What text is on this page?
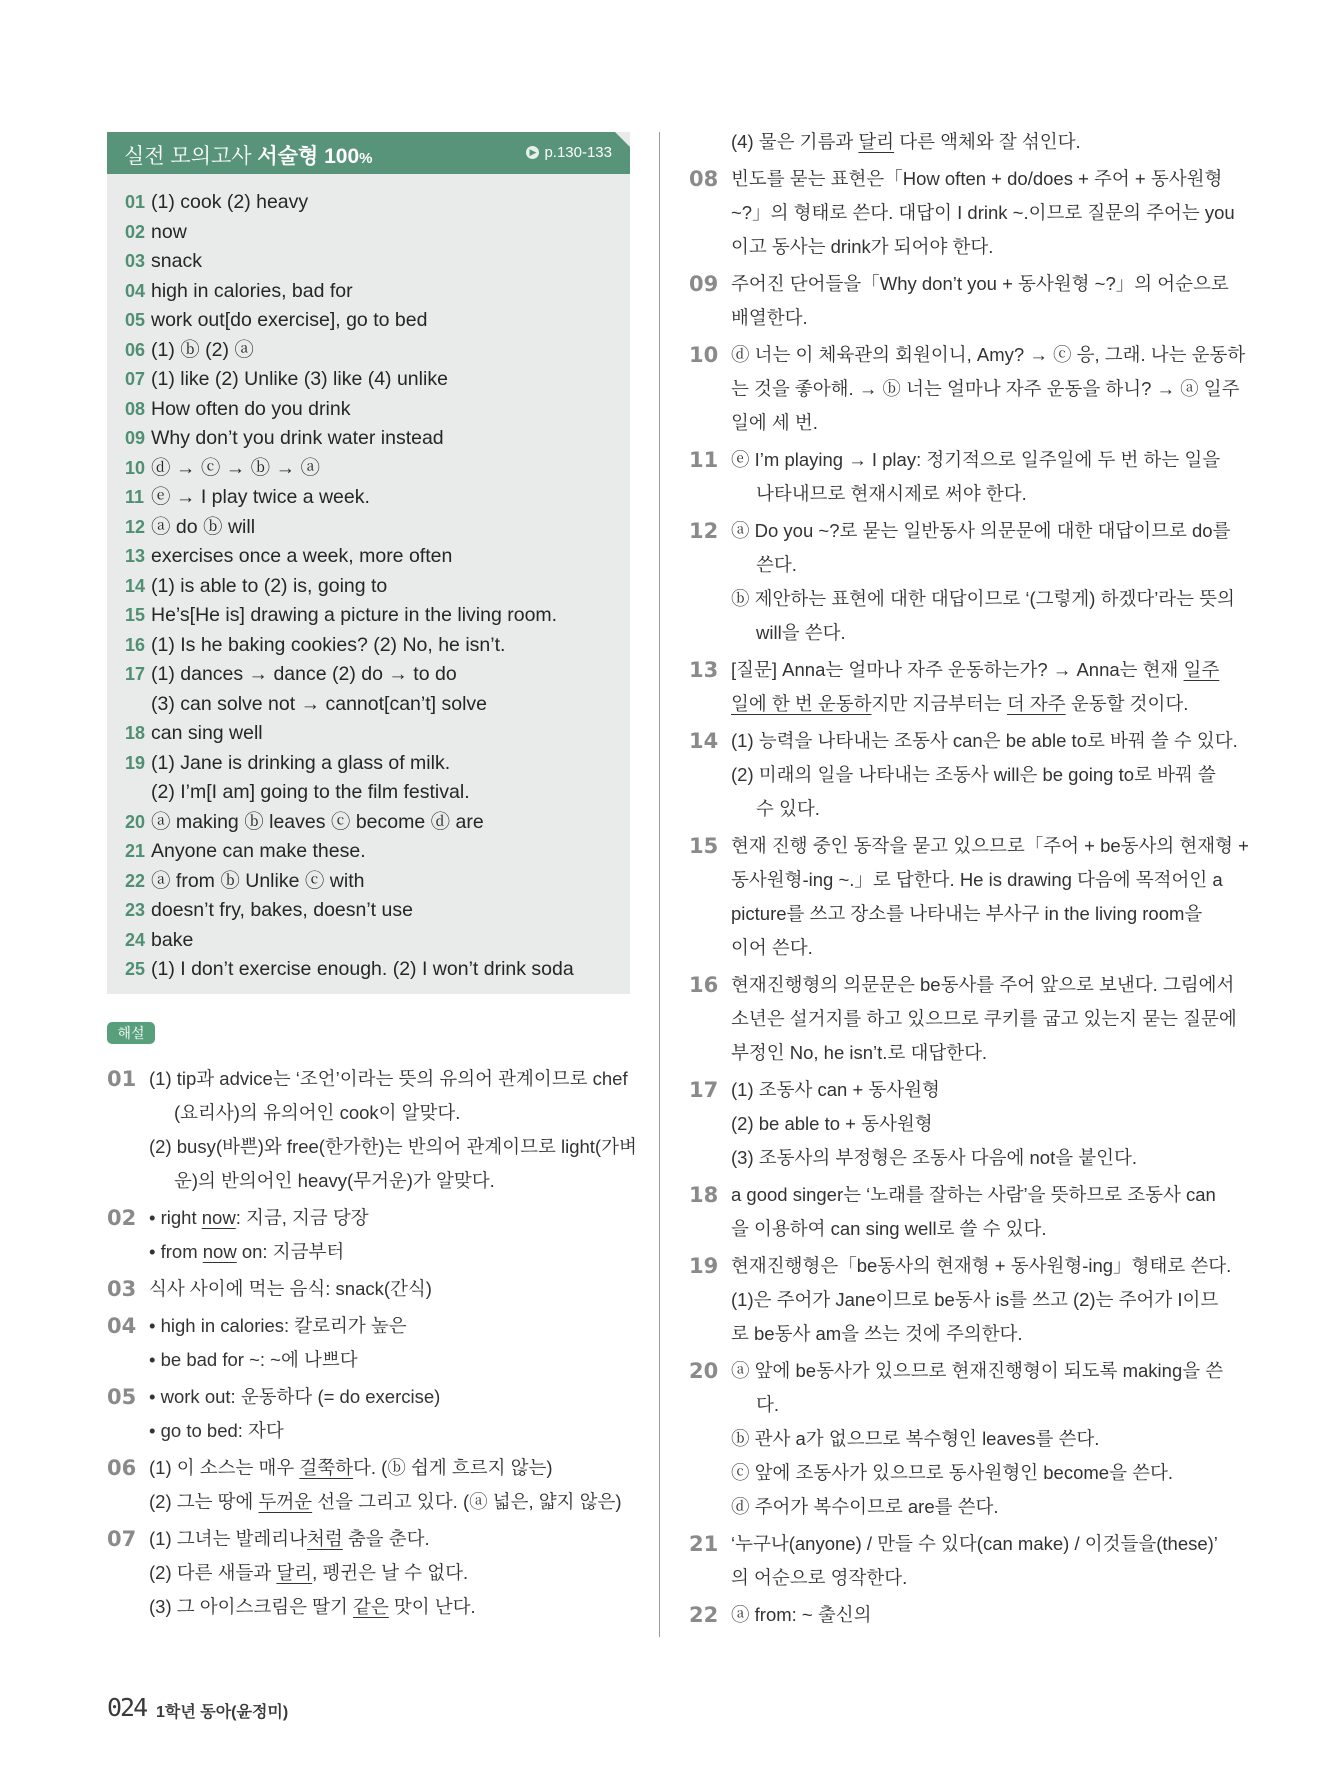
실전 모의고사 서술형 100%	▶ p.130-133
01 (1) cook (2) heavy
02 now
03 snack
04 high in calories, bad for
05 work out[do exercise], go to bed
06 (1) ⓑ (2) ⓐ
07 (1) like (2) Unlike (3) like (4) unlike
08 How often do you drink
09 Why don’t you drink water instead
10 ⓓ → ⓒ → ⓑ → ⓐ
11 ⓔ → I play twice a week.
12 ⓐ do ⓑ will
13 exercises once a week, more often
14 (1) is able to (2) is, going to
15 He’s[He is] drawing a picture in the living room.
16 (1) Is he baking cookies? (2) No, he isn’t.
17 (1) dances → dance (2) do → to do
(3) can solve not → cannot[can’t] solve
18 can sing well
19 (1) Jane is drinking a glass of milk.
(2) I’m[I am] going to the film festival.
20 ⓐ making ⓑ leaves ⓒ become ⓓ are
21 Anyone can make these.
22 ⓐ from ⓑ Unlike ⓒ with
23 doesn’t fry, bakes, doesn’t use
24 bake
25 (1) I don’t exercise enough. (2) I won’t drink soda
해설
01 (1) tip과 advice는 ‘조언’이라는 뜻의 유의어 관계이므로 chef
(요리사)의 유의어인 cook이 알맞다.
(2) busy(바쁜)와 free(한가한)는 반의어 관계이므로 light(가벼
운)의 반의어인 heavy(무거운)가 알맞다.
02 • right now: 지금, 지금 당장
• from now on: 지금부터
03 식사 사이에 먹는 음식: snack(간식)
04 • high in calories: 칼로리가 높은
• be bad for ~: ~에 나쁘다
05 • work out: 운동하다 (= do exercise)
• go to bed: 자다
06 (1) 이 소스는 매우 걸쭉하다. (ⓑ 쉽게 흐르지 않는)
(2) 그는 땅에 두꺼운 선을 그리고 있다. (ⓐ 넓은, 얇지 않은)
07 (1) 그녀는 발레리나처럼 춤을 춘다.
(2) 다른 새들과 달리, 펭귄은 날 수 없다.
(3) 그 아이스크림은 딸기 같은 맛이 난다.
(4) 물은 기름과 달리 다른 액체와 잘 섞인다.
08 빈도를 묻는 표현은「How often + do/does + 주어 + 동사원형
~?」의 형태로 쓴다. 대답이 I drink ~.이므로 질문의 주어는 you
이고 동사는 drink가 되어야 한다.
09 주어진 단어들을「Why don’t you + 동사원형 ~?」의 어순으로
배열한다.
10 ⓓ 너는 이 체육관의 회원이니, Amy? → ⓒ 응, 그래. 나는 운동하
는 것을 좋아해. → ⓑ 너는 얼마나 자주 운동을 하니? → ⓐ 일주
일에 세 번.
11 ⓔ I’m playing → I play: 정기적으로 일주일에 두 번 하는 일을
나타내므로 현재시제로 써야 한다.
12 ⓐ Do you ~?로 묻는 일반동사 의문문에 대한 대답이므로 do를
쓴다.
ⓑ 제안하는 표현에 대한 대답이므로 ‘(그렇게) 하겠다’라는 뜻의
will을 쓴다.
13 [질문] Anna는 얼마나 자주 운동하는가? → Anna는 현재 일주
일에 한 번 운동하지만 지금부터는 더 자주 운동할 것이다.
14 (1) 능력을 나타내는 조동사 can은 be able to로 바꿔 쓸 수 있다.
(2) 미래의 일을 나타내는 조동사 will은 be going to로 바꿔 쓸
수 있다.
15 현재 진행 중인 동작을 묻고 있으므로「주어 + be동사의 현재형 +
동사원형-ing ~.」로 답한다. He is drawing 다음에 목적어인 a
picture를 쓰고 장소를 나타내는 부사구 in the living room을
이어 쓴다.
16 현재진행형의 의문문은 be동사를 주어 앞으로 보낸다. 그림에서
소년은 설거지를 하고 있으므로 쿠키를 굽고 있는지 묻는 질문에
부정인 No, he isn’t.로 대답한다.
17 (1) 조동사 can + 동사원형
(2) be able to + 동사원형
(3) 조동사의 부정형은 조동사 다음에 not을 붙인다.
18 a good singer는 ‘노래를 잘하는 사람’을 뜻하므로 조동사 can
을 이용하여 can sing well로 쓸 수 있다.
19 현재진행형은「be동사의 현재형 + 동사원형-ing」형태로 쓴다.
(1)은 주어가 Jane이므로 be동사 is를 쓰고 (2)는 주어가 I이므
로 be동사 am을 쓰는 것에 주의한다.
20 ⓐ 앞에 be동사가 있으므로 현재진행형이 되도록 making을 쓴
다.
ⓑ 관사 a가 없으므로 복수형인 leaves를 쓴다.
ⓒ 앞에 조동사가 있으므로 동사원형인 become을 쓴다.
ⓓ 주어가 복수이므로 are를 쓴다.
21 ‘누구나(anyone) / 만들 수 있다(can make) / 이것들을(these)’
의 어순으로 영작한다.
22 ⓐ from: ~ 출신의
024 1학년 동아(윤정미)
